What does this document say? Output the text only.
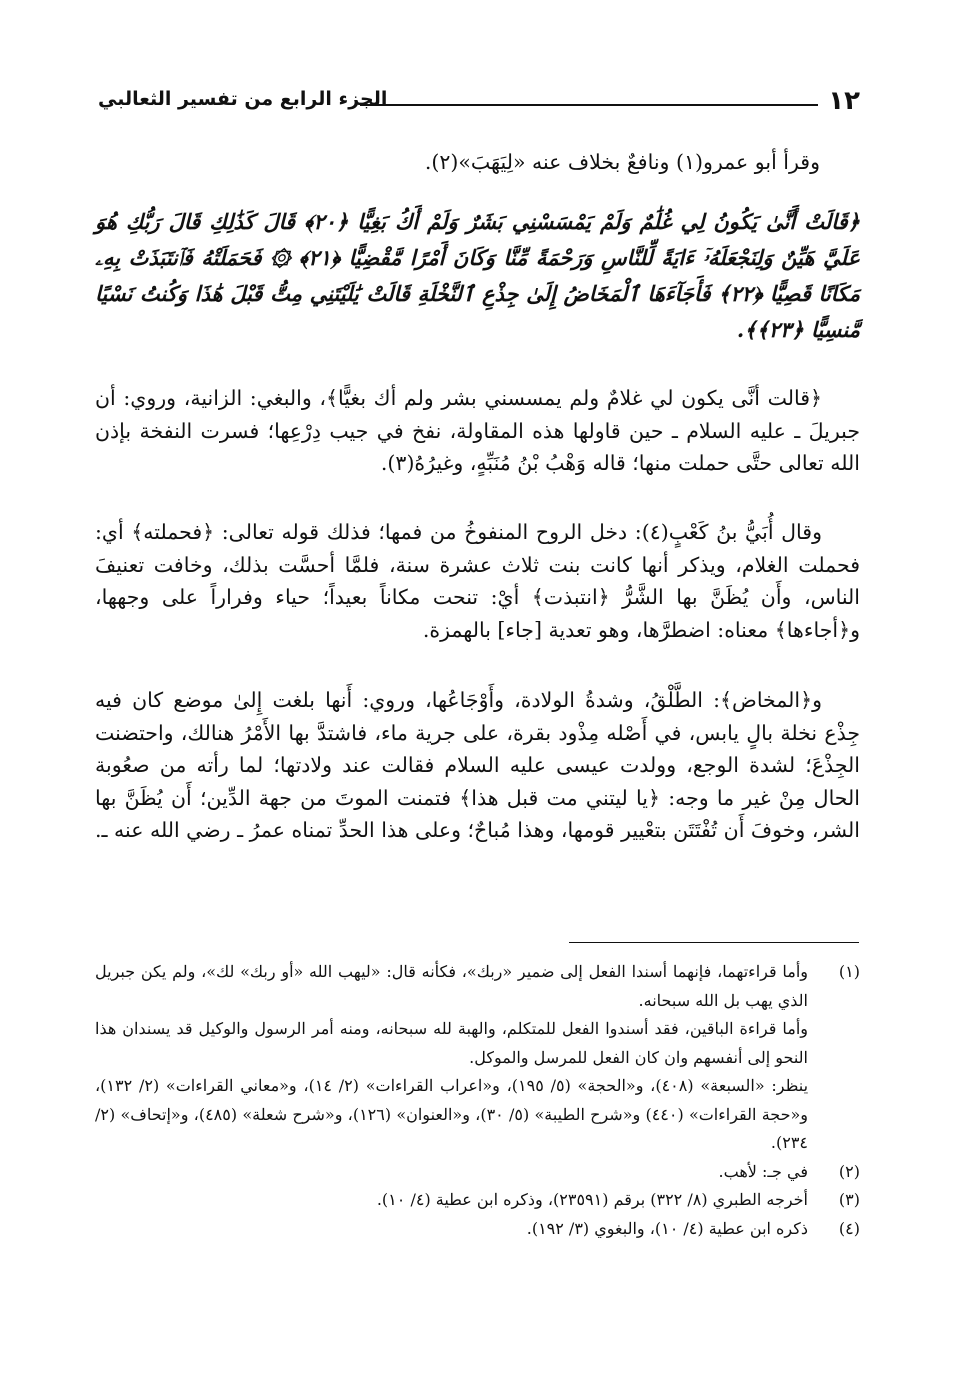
١٢
الجزء الرابع من تفسير الثعالبي

وقرأ أبو عمرو(١) ونافعٌ بخلاف عنه «لِيَهَبَ»(٢).

﴿قَالَتْ أَنَّىٰ يَكُونُ لِي غُلَٰمٌ وَلَمْ يَمْسَسْنِي بَشَرٌ وَلَمْ أَكُ بَغِيًّا ﴿٢٠﴾ قَالَ كَذَٰلِكِ قَالَ رَبُّكِ هُوَ عَلَيَّ هَيِّنٌ وَلِنَجْعَلَهُۥٓ ءَايَةً لِّلنَّاسِ وَرَحْمَةً مِّنَّا وَكَانَ أَمْرًا مَّقْضِيًّا ﴿٢١﴾ ۞ فَحَمَلَتْهُ فَٱنتَبَذَتْ بِهِۦ مَكَانًا قَصِيًّا ﴿٢٢﴾ فَأَجَآءَهَا ٱلْمَخَاضُ إِلَىٰ جِذْعِ ٱلنَّخْلَةِ قَالَتْ يَٰلَيْتَنِي مِتُّ قَبْلَ هَٰذَا وَكُنتُ نَسْيًا مَّنسِيًّا ﴿٢٣﴾﴾.

﴿قالت أنَّى يكون لي غلامٌ ولم يمسسني بشر ولم أك بغيًّا﴾، والبغي: الزانية، وروي: أن جبريلَ ـ عليه السلام ـ حين قاولها هذه المقاولة، نفخ في جيب دِرْعِها؛ فسرت النفخة بإذن الله تعالى حتَّى حملت منها؛ قاله وَهْبُ بْنُ مُنَبِّهٍ، وغيرُهُ(٣).

وقال أُبَيُّ بنُ كَعْبٍ(٤): دخل الروح المنفوخُ من فمها؛ فذلك قوله تعالى: ﴿فحملته﴾ أي: فحملت الغلام، ويذكر أنها كانت بنت ثلاث عشرة سنة، فلمَّا أحسَّت بذلك، وخافت تعنيفَ الناس، وأَن يُظَنَّ بها الشَّرُّ ﴿انتبذت﴾ أيْ: تنحت مكاناً بعيداً؛ حياء وفراراً على وجهها، و﴿أجاءها﴾ معناه: اضطرَّها، وهو تعدية [جاء] بالهمزة.

و﴿المخاض﴾: الطَّلْقُ، وشدةُ الولادة، وأَوْجَاعُها، وروي: أَنها بلغت إِلىٰ موضع كان فيه جِذْع نخلة بالٍ يابس، في أَصْله مِذْود بقرة، على جرية ماء، فاشتدَّ بها الأَمْرُ هنالك، واحتضنت الجِذْعَ؛ لشدة الوجع، وولدت عيسى عليه السلام فقالت عند ولادتها؛ لما رأته من صعُوبة الحال مِنْ غير ما وجه: ﴿يا ليتني مت قبل هذا﴾ فتمنت الموتَ من جهة الدِّين؛ أَن يُظَنَّ بها الشر، وخوفَ أَن تُفْتَتَن بتعْيير قومها، وهذا مُباحٌ؛ وعلى هذا الحدِّ تمناه عمرُ ـ رضي الله عنه ـ.

(١)

وأما قراءتهما، فإنهما أسندا الفعل إلى ضمير «ربك»، فكأنه قال: «ليهب الله «أو ربك» لك»، ولم يكن جبريل الذي يهب بل الله سبحانه.

وأما قراءة الباقين، فقد أسندوا الفعل للمتكلم، والهبة لله سبحانه، ومنه أمر الرسول والوكيل قد يسندان هذا النحو إلى أنفسهم وان كان الفعل للمرسل والموكل.

ينظر: «السبعة» (٤٠٨)، و«الحجة» (٥/ ١٩٥)، و«اعراب القراءات» (٢/ ١٤)، و«معاني القراءات» (٢/ ١٣٢)، و«حجة القراءات» (٤٤٠) و«شرح الطيبة» (٥/ ٣٠)، و«العنوان» (١٢٦)، و«شرح شعلة» (٤٨٥)، و«إتحاف» (٢/ ٢٣٤).

(٢)

في جـ: لأهب.

(٣)

أخرجه الطبري (٨/ ٣٢٢) برقم (٢٣٥٩١)، وذكره ابن عطية (٤/ ١٠).

(٤)

ذكره ابن عطية (٤/ ١٠)، والبغوي (٣/ ١٩٢).
